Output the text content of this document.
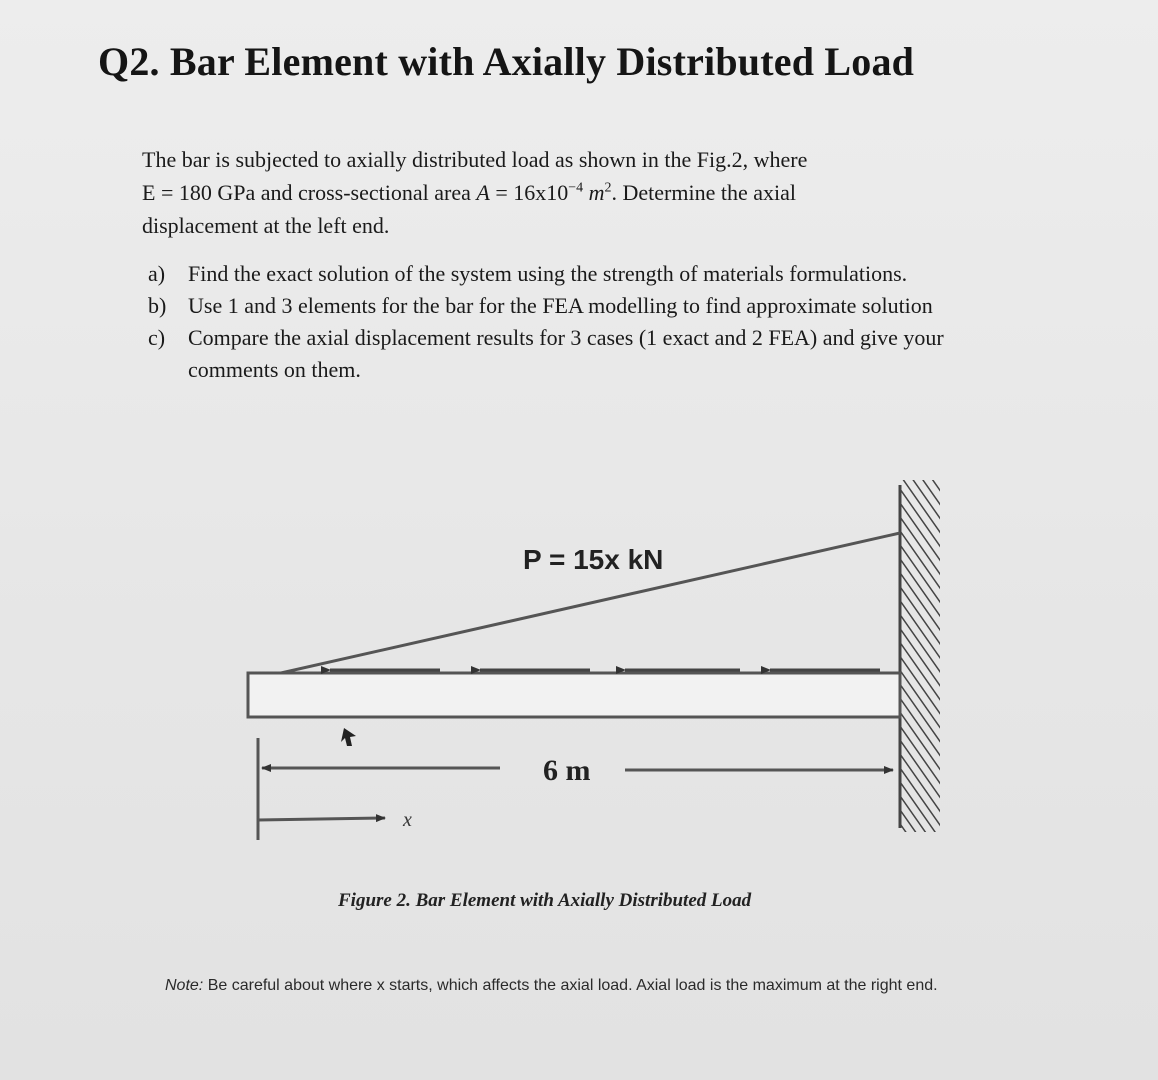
Q2. Bar Element with Axially Distributed Load
The bar is subjected to axially distributed load as shown in the Fig.2, where
E = 180 GPa and cross-sectional area $A = 16x10^{-4}$ $m^2$. Determine the axial
displacement at the left end.
a) Find the exact solution of the system using the strength of materials formulations.
b) Use 1 and 3 elements for the bar for the FEA modelling to find approximate solution
c) Compare the axial displacement results for 3 cases (1 exact and 2 FEA) and give your
comments on them.
P = 15x kN
6 m
x
Figure 2. Bar Element with Axially Distributed Load
Note: Be careful about where x starts, which affects the axial load. Axial load is the maximum at the right end.
